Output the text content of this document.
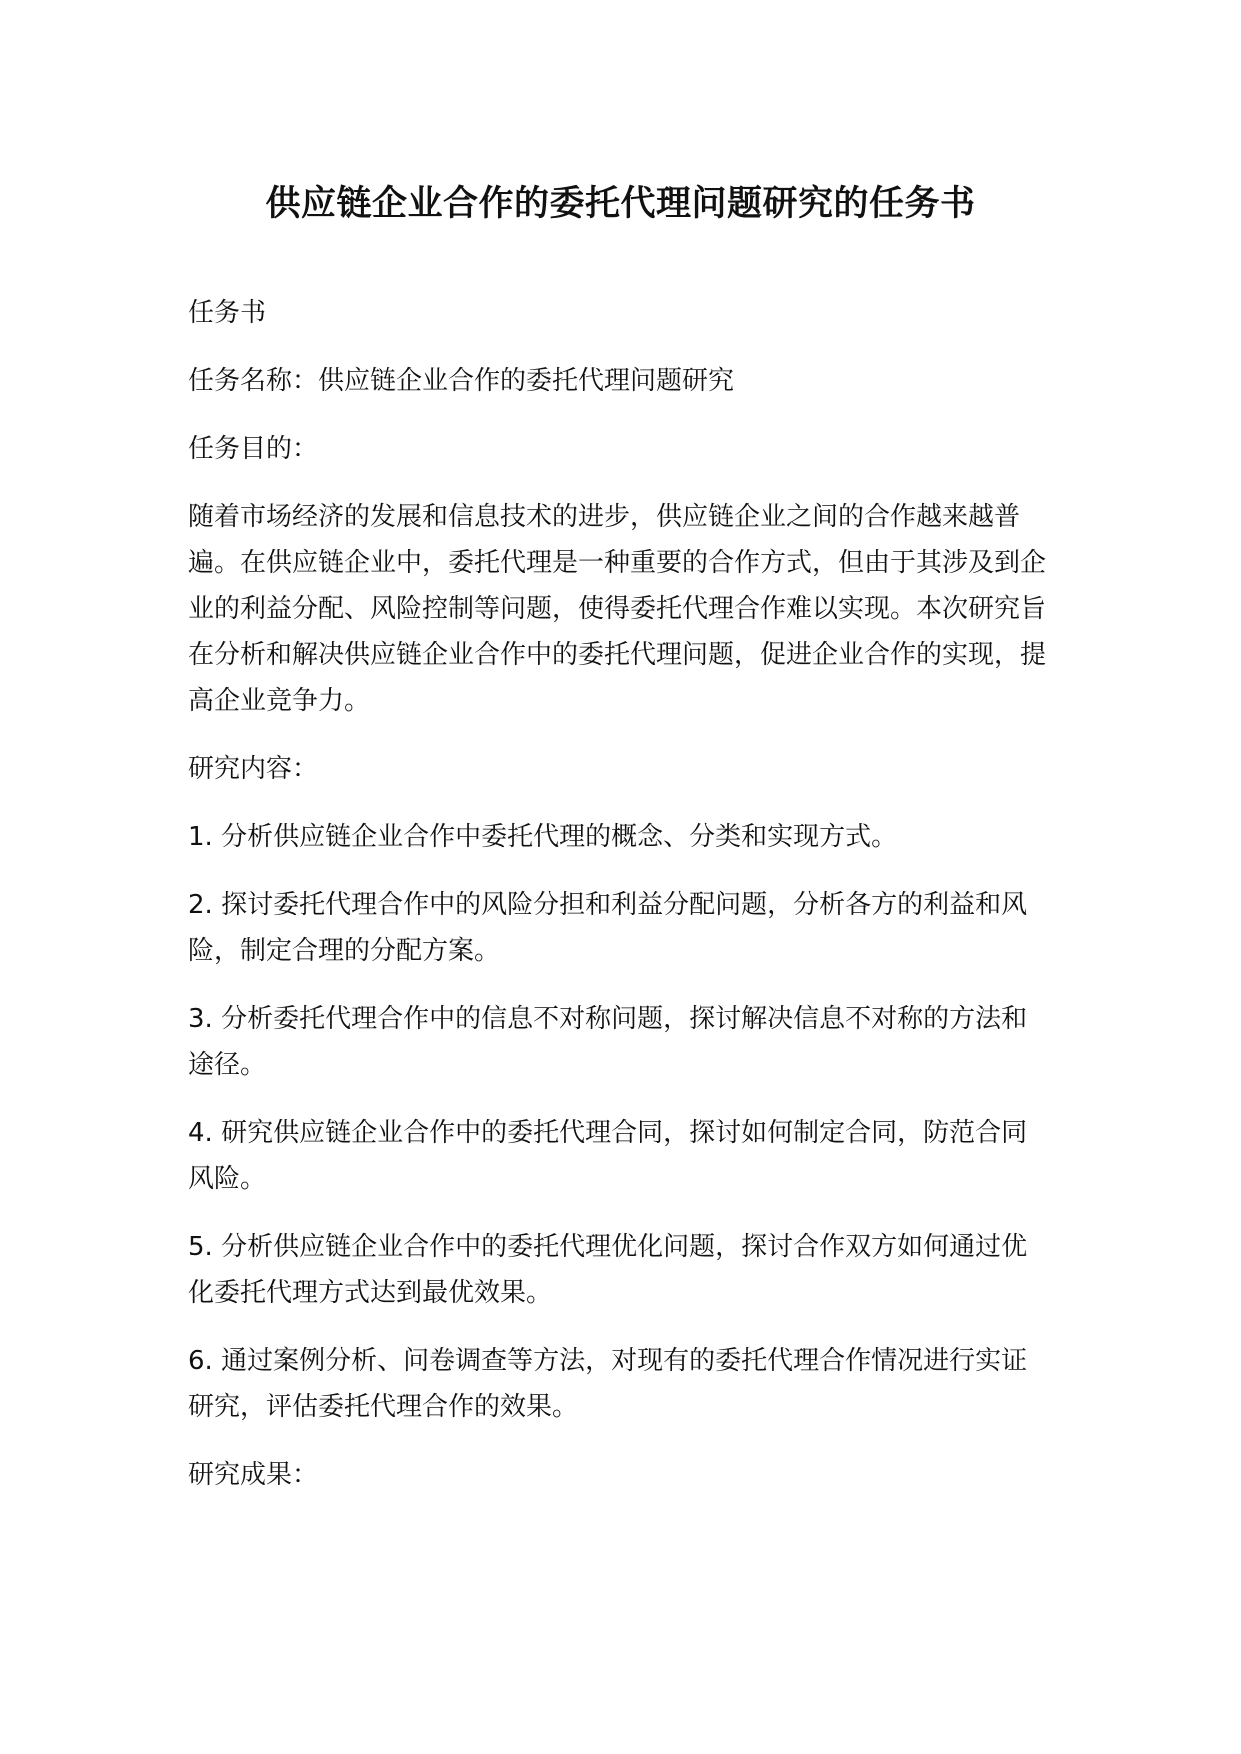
供应链企业合作的委托代理问题研究的任务书

任务书

任务名称：供应链企业合作的委托代理问题研究

任务目的：

随着市场经济的发展和信息技术的进步，供应链企业之间的合作越来越普遍。在供应链企业中，委托代理是一种重要的合作方式，但由于其涉及到企业的利益分配、风险控制等问题，使得委托代理合作难以实现。本次研究旨在分析和解决供应链企业合作中的委托代理问题，促进企业合作的实现，提高企业竞争力。

研究内容：

1. 分析供应链企业合作中委托代理的概念、分类和实现方式。

2. 探讨委托代理合作中的风险分担和利益分配问题，分析各方的利益和风险，制定合理的分配方案。

3. 分析委托代理合作中的信息不对称问题，探讨解决信息不对称的方法和途径。

4. 研究供应链企业合作中的委托代理合同，探讨如何制定合同，防范合同风险。

5. 分析供应链企业合作中的委托代理优化问题，探讨合作双方如何通过优化委托代理方式达到最优效果。

6. 通过案例分析、问卷调查等方法，对现有的委托代理合作情况进行实证研究，评估委托代理合作的效果。

研究成果：
